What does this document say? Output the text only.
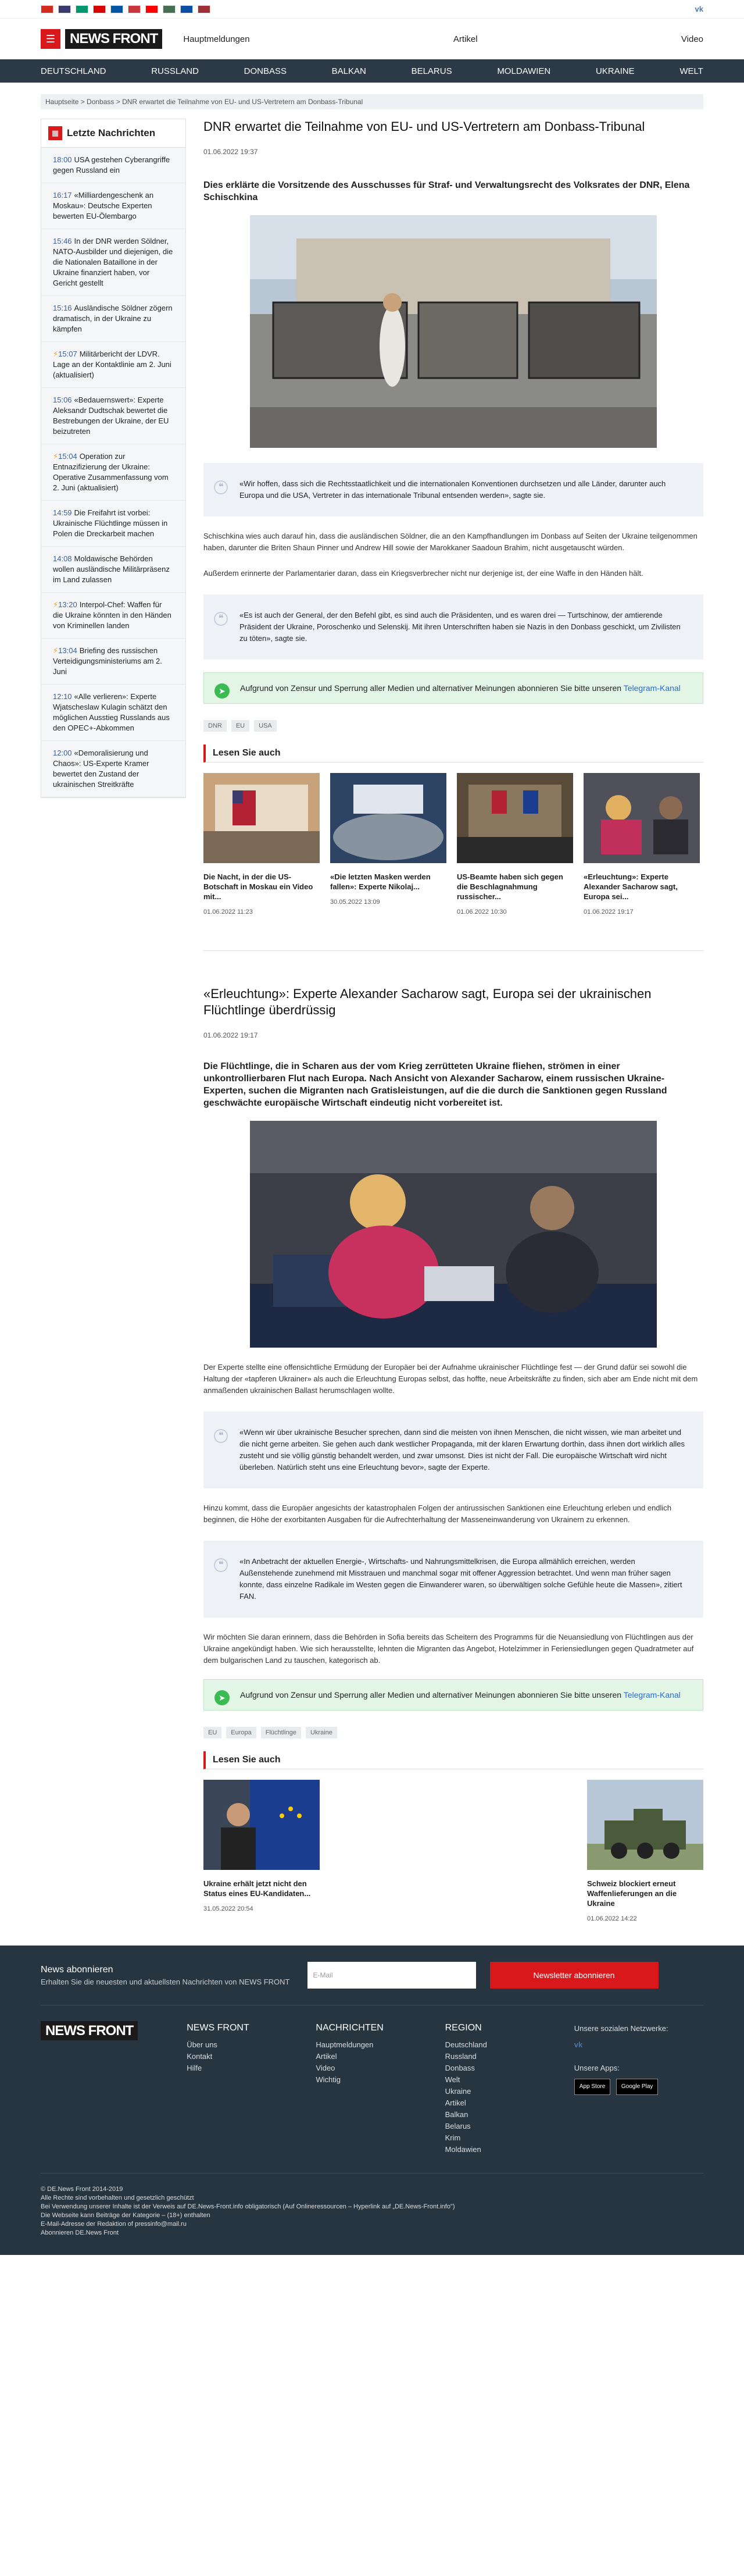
vk
☰	NEWS FRONT	Hauptmeldungen	Artikel	Video
DEUTSCHLAND	RUSSLAND	DONBASS	BALKAN	BELARUS	MOLDAWIEN	UKRAINE	WELT
Hauptseite > Donbass > DNR erwartet die Teilnahme von EU- und US-Vertretern am Donbass-Tribunal
▦ Letzte Nachrichten
18:00 USA gestehen Cyberangriffe gegen Russland ein
16:17 «Milliardengeschenk an Moskau»: Deutsche Experten bewerten EU-Ölembargo
15:46 In der DNR werden Söldner, NATO-Ausbilder und diejenigen, die die Nationalen Bataillone in der Ukraine finanziert haben, vor Gericht gestellt
15:16 Ausländische Söldner zögern dramatisch, in der Ukraine zu kämpfen
⚡15:07 Militärbericht der LDVR. Lage an der Kontaktlinie am 2. Juni (aktualisiert)
15:06 «Bedauernswert»: Experte Aleksandr Dudtschak bewertet die Bestrebungen der Ukraine, der EU beizutreten
⚡15:04 Operation zur Entnazifizierung der Ukraine: Operative Zusammenfassung vom 2. Juni (aktualisiert)
14:59 Die Freifahrt ist vorbei: Ukrainische Flüchtlinge müssen in Polen die Dreckarbeit machen
14:08 Moldawische Behörden wollen ausländische Militärpräsenz im Land zulassen
⚡13:20 Interpol-Chef: Waffen für die Ukraine könnten in den Händen von Kriminellen landen
⚡13:04 Briefing des russischen Verteidigungsministeriums am 2. Juni
12:10 «Alle verlieren»: Experte Wjatscheslaw Kulagin schätzt den möglichen Ausstieg Russlands aus den OPEC+-Abkommen
12:00 «Demoralisierung und Chaos»: US-Experte Kramer bewertet den Zustand der ukrainischen Streitkräfte
DNR erwartet die Teilnahme von EU- und US-Vertretern am Donbass-Tribunal
01.06.2022 19:37
Dies erklärte die Vorsitzende des Ausschusses für Straf- und Verwaltungsrecht des Volksrates der DNR, Elena Schischkina
❝	«Wir hoffen, dass sich die Rechtsstaatlichkeit und die internationalen Konventionen durchsetzen und alle Länder, darunter auch Europa und die USA, Vertreter in das internationale Tribunal entsenden werden», sagte sie.
Schischkina wies auch darauf hin, dass die ausländischen Söldner, die an den Kampfhandlungen im Donbass auf Seiten der Ukraine teilgenommen haben, darunter die Briten Shaun Pinner und Andrew Hill sowie der Marokkaner Saadoun Brahim, nicht ausgetauscht würden.
Außerdem erinnerte der Parlamentarier daran, dass ein Kriegsverbrecher nicht nur derjenige ist, der eine Waffe in den Händen hält.
❝	«Es ist auch der General, der den Befehl gibt, es sind auch die Präsidenten, und es waren drei — Turtschinow, der amtierende Präsident der Ukraine, Poroschenko und Selenskij. Mit ihren Unterschriften haben sie Nazis in den Donbass geschickt, um Zivilisten zu töten», sagte sie.
➤	Aufgrund von Zensur und Sperrung aller Medien und alternativer Meinungen abonnieren Sie bitte unseren Telegram-Kanal
DNR	EU	USA
Lesen Sie auch
Die Nacht, in der die US-Botschaft in Moskau ein Video mit...
01.06.2022 11:23
«Die letzten Masken werden fallen»: Experte Nikolaj...
30.05.2022 13:09
US-Beamte haben sich gegen die Beschlagnahmung russischer...
01.06.2022 10:30
«Erleuchtung»: Experte Alexander Sacharow sagt, Europa sei...
01.06.2022 19:17
«Erleuchtung»: Experte Alexander Sacharow sagt, Europa sei der ukrainischen Flüchtlinge überdrüssig
01.06.2022 19:17
Die Flüchtlinge, die in Scharen aus der vom Krieg zerrütteten Ukraine fliehen, strömen in einer unkontrollierbaren Flut nach Europa. Nach Ansicht von Alexander Sacharow, einem russischen Ukraine-Experten, suchen die Migranten nach Gratisleistungen, auf die die durch die Sanktionen gegen Russland geschwächte europäische Wirtschaft eindeutig nicht vorbereitet ist.
Der Experte stellte eine offensichtliche Ermüdung der Europäer bei der Aufnahme ukrainischer Flüchtlinge fest — der Grund dafür sei sowohl die Haltung der «tapferen Ukrainer» als auch die Erleuchtung Europas selbst, das hoffte, neue Arbeitskräfte zu finden, sich aber am Ende nicht mit dem anmaßenden ukrainischen Ballast herumschlagen wollte.
❝	«Wenn wir über ukrainische Besucher sprechen, dann sind die meisten von ihnen Menschen, die nicht wissen, wie man arbeitet und die nicht gerne arbeiten. Sie gehen auch dank westlicher Propaganda, mit der klaren Erwartung dorthin, dass ihnen dort wirklich alles zusteht und sie völlig günstig behandelt werden, und zwar umsonst. Dies ist nicht der Fall. Die europäische Wirtschaft wird nicht überleben. Natürlich steht uns eine Erleuchtung bevor», sagte der Experte.
Hinzu kommt, dass die Europäer angesichts der katastrophalen Folgen der antirussischen Sanktionen eine Erleuchtung erleben und endlich beginnen, die Höhe der exorbitanten Ausgaben für die Aufrechterhaltung der Masseneinwanderung von Ukrainern zu erkennen.
❝	«In Anbetracht der aktuellen Energie-, Wirtschafts- und Nahrungsmittelkrisen, die Europa allmählich erreichen, werden Außenstehende zunehmend mit Misstrauen und manchmal sogar mit offener Aggression betrachtet. Und wenn man früher sagen konnte, dass einzelne Radikale im Westen gegen die Einwanderer waren, so überwältigen solche Gefühle heute die Massen», zitiert FAN.
Wir möchten Sie daran erinnern, dass die Behörden in Sofia bereits das Scheitern des Programms für die Neuansiedlung von Flüchtlingen aus der Ukraine angekündigt haben. Wie sich herausstellte, lehnten die Migranten das Angebot, Hotelzimmer in Feriensiedlungen gegen Quadratmeter auf dem bulgarischen Land zu tauschen, kategorisch ab.
➤	Aufgrund von Zensur und Sperrung aller Medien und alternativer Meinungen abonnieren Sie bitte unseren Telegram-Kanal
EU	Europa	Flüchtlinge	Ukraine
Lesen Sie auch
Ukraine erhält jetzt nicht den Status eines EU-Kandidaten...
31.05.2022 20:54
Schweiz blockiert erneut Waffenlieferungen an die Ukraine
01.06.2022 14:22
News abonnieren

Erhalten Sie die neuesten und aktuellsten Nachrichten von NEWS FRONT

E-Mail	Newsletter abonnieren
NEWS FRONT	NEWS FRONT
Über uns
Kontakt
Hilfe
NACHRICHTEN
Hauptmeldungen
Artikel
Video
Wichtig
REGION
Deutschland
Russland
Donbass
Welt
Ukraine
Artikel
Balkan
Belarus
Krim
Moldawien
Unsere sozialen Netzwerke:
vk
Unsere Apps:
App Store	Google Play
© DE.News Front 2014-2019
Alle Rechte sind vorbehalten und gesetzlich geschützt
Bei Verwendung unserer Inhalte ist der Verweis auf DE.News-Front.info obligatorisch (Auf Onlineressourcen – Hyperlink auf „DE.News-Front.info")
Die Webseite kann Beiträge der Kategorie – (18+) enthalten
E-Mail-Adresse der Redaktion of pressinfo@mail.ru
Abonnieren DE.News Front
